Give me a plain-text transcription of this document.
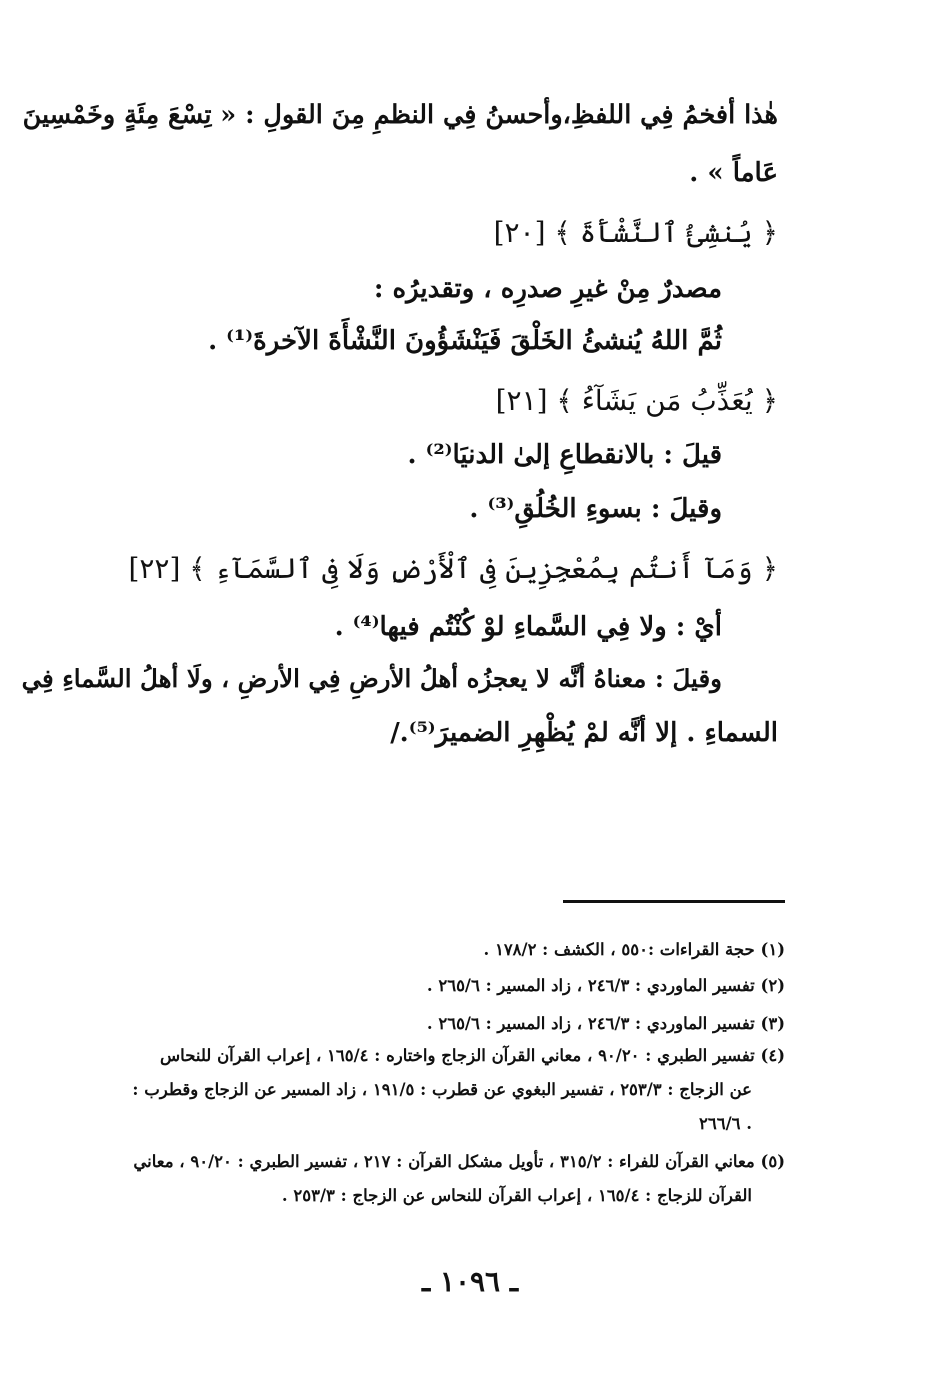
هٰذا أفخمُ فِي اللفظِ،وأحسنُ فِي النظمِ مِنَ القولِ : « تِسْعَ مِئَةٍ وخَمْسِينَ
عَاماً » .
﴿ يُنشِئُ ٱلنَّشْأَةَ ﴾ [٢٠]
مصدرٌ مِنْ غيرِ صدرِه ، وتقديرُه :
ثُمَّ اللهُ يُنشئُ الخَلْقَ فَيَنْشَؤُونَ النَّشْأَةَ الآخرةَ⁽¹⁾ .
﴿ يُعَذِّبُ مَن يَشَآءُ ﴾ [٢١]
قيلَ : بالانقطاعِ إلىٰ الدنيَا⁽²⁾ .
وقيلَ : بسوءِ الخُلُقِ⁽³⁾ .
﴿ وَمَآ أَنتُم بِمُعْجِزِينَ فِى ٱلْأَرْضِ وَلَا فِى ٱلسَّمَآءِ ﴾ [٢٢]
أيْ : ولا فِي السَّماءِ لوْ كُنْتُم فيها⁽⁴⁾ .
وقيلَ : معناهُ أنَّه لا يعجزُه أهلُ الأرضِ فِي الأرضِ ، ولَا أهلُ السَّماءِ فِي
السماءِ . إلا أنَّه لمْ يُظْهِرِ الضميرَ⁽⁵⁾./
(١) حجة القراءات :٥٥٠ ، الكشف : ١٧٨/٢ .
(٢) تفسير الماوردي : ٢٤٦/٣ ، زاد المسير : ٢٦٥/٦ .
(٣) تفسير الماوردي : ٢٤٦/٣ ، زاد المسير : ٢٦٥/٦ .
(٤) تفسير الطبري : ٩٠/٢٠ ، معاني القرآن الزجاج واختاره : ١٦٥/٤ ، إعراب القرآن للنحاس
عن الزجاج : ٢٥٣/٣ ، تفسير البغوي عن قطرب : ١٩١/٥ ، زاد المسير عن الزجاج وقطرب :
٢٦٦/٦ .
(٥) معاني القرآن للفراء : ٣١٥/٢ ، تأويل مشكل القرآن : ٢١٧ ، تفسير الطبري : ٩٠/٢٠ ، معاني
القرآن للزجاج : ١٦٥/٤ ، إعراب القرآن للنحاس عن الزجاج : ٢٥٣/٣ .
ـ ١٠٩٦ ـ
